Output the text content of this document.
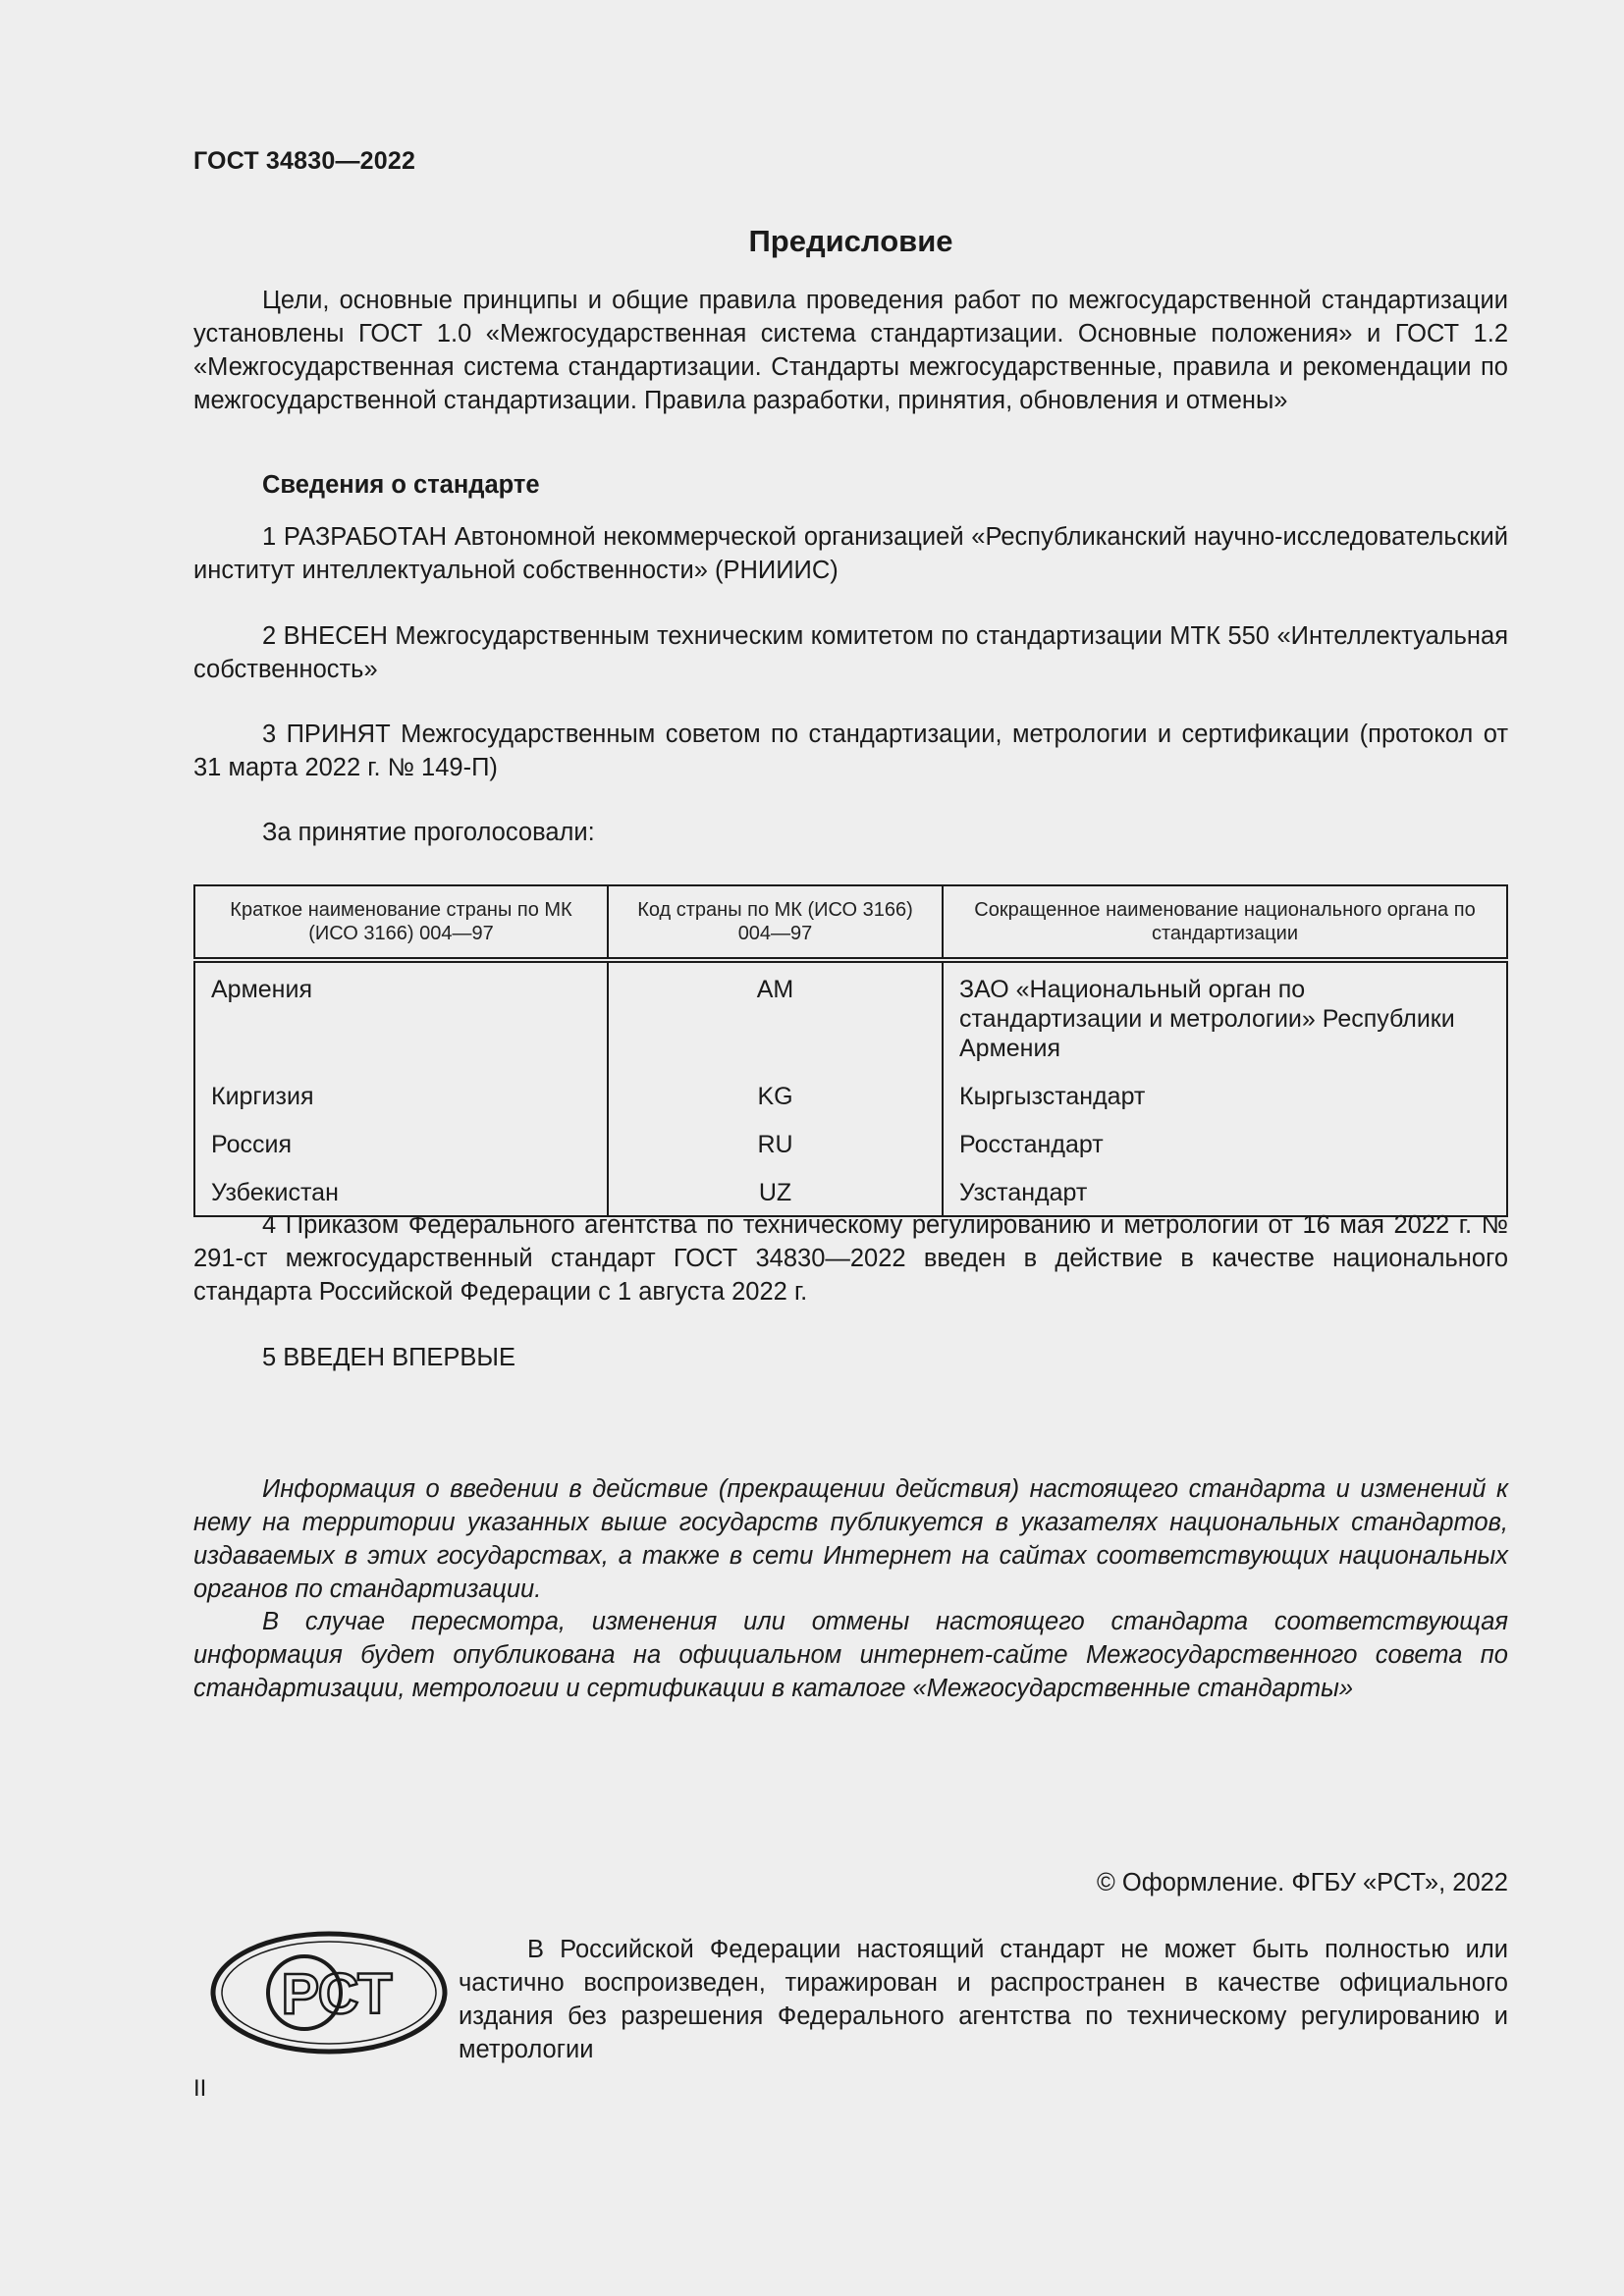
ГОСТ 34830—2022
Предисловие
Цели, основные принципы и общие правила проведения работ по межгосударственной стандартизации установлены ГОСТ 1.0 «Межгосударственная система стандартизации. Основные положения» и ГОСТ 1.2 «Межгосударственная система стандартизации. Стандарты межгосударственные, правила и рекомендации по межгосударственной стандартизации. Правила разработки, принятия, обновления и отмены»
Сведения о стандарте
1 РАЗРАБОТАН Автономной некоммерческой организацией «Республиканский научно-исследовательский институт интеллектуальной собственности» (РНИИИС)
2 ВНЕСЕН Межгосударственным техническим комитетом по стандартизации МТК 550 «Интеллектуальная собственность»
3 ПРИНЯТ Межгосударственным советом по стандартизации, метрологии и сертификации (протокол от 31 марта 2022 г. № 149-П)
За принятие проголосовали:
Краткое наименование страны по МК (ИСО 3166) 004—97	Код страны по МК (ИСО 3166) 004—97	Сокращенное наименование национального органа по стандартизации
Армения	AM	ЗАО «Национальный орган по стандартизации и метрологии» Республики Армения
Киргизия	KG	Кыргызстандарт
Россия	RU	Росстандарт
Узбекистан	UZ	Узстандарт
4 Приказом Федерального агентства по техническому регулированию и метрологии от 16 мая 2022 г. № 291-ст межгосударственный стандарт ГОСТ 34830—2022 введен в действие в качестве национального стандарта Российской Федерации с 1 августа 2022 г.
5 ВВЕДЕН ВПЕРВЫЕ
Информация о введении в действие (прекращении действия) настоящего стандарта и изменений к нему на территории указанных выше государств публикуется в указателях национальных стандартов, издаваемых в этих государствах, а также в сети Интернет на сайтах соответствующих национальных органов по стандартизации.
В случае пересмотра, изменения или отмены настоящего стандарта соответствующая информация будет опубликована на официальном интернет-сайте Межгосударственного совета по стандартизации, метрологии и сертификации в каталоге «Межгосударственные стандарты»
© Оформление. ФГБУ «РСТ», 2022
РСТ
В Российской Федерации настоящий стандарт не может быть полностью или частично воспроизведен, тиражирован и распространен в качестве официального издания без разрешения Федерального агентства по техническому регулированию и метрологии
II
